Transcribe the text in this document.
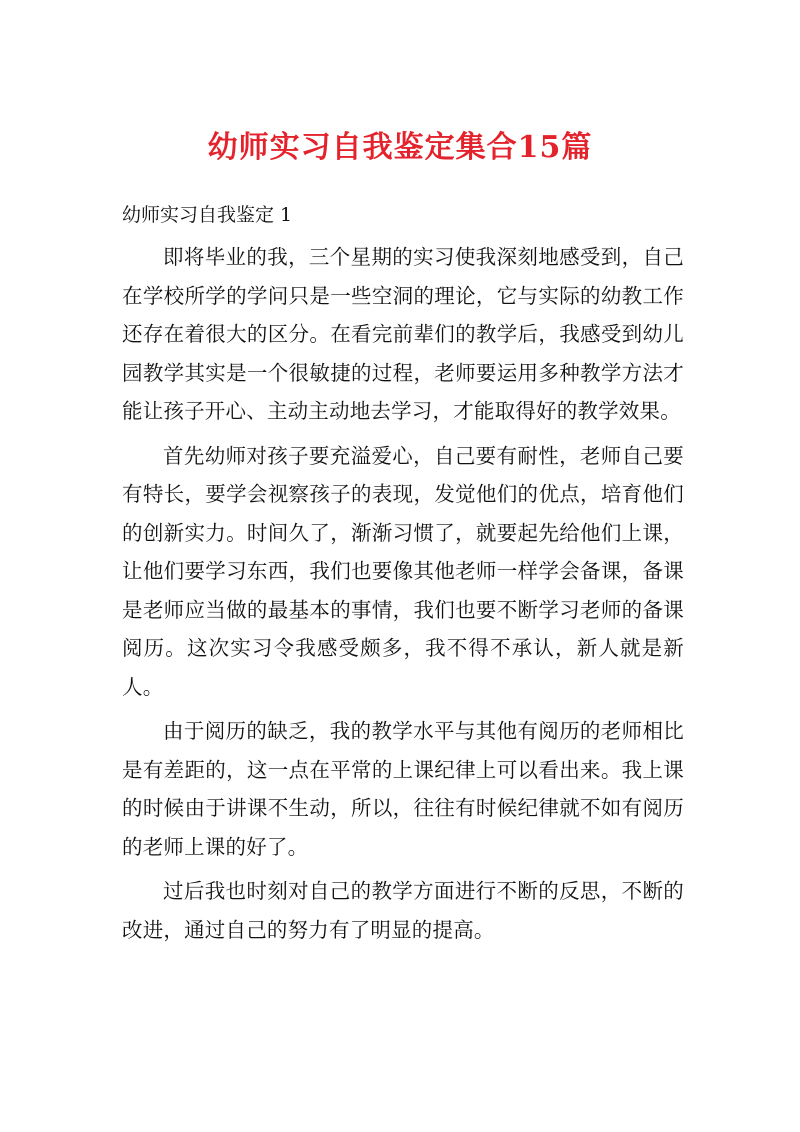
幼师实习自我鉴定集合15篇

幼师实习自我鉴定 1

即将毕业的我，三个星期的实习使我深刻地感受到，自己在学校所学的学问只是一些空洞的理论，它与实际的幼教工作还存在着很大的区分。在看完前辈们的教学后，我感受到幼儿园教学其实是一个很敏捷的过程，老师要运用多种教学方法才能让孩子开心、主动主动地去学习，才能取得好的教学效果。

首先幼师对孩子要充溢爱心，自己要有耐性，老师自己要有特长，要学会视察孩子的表现，发觉他们的优点，培育他们的创新实力。时间久了，渐渐习惯了，就要起先给他们上课，让他们要学习东西，我们也要像其他老师一样学会备课，备课是老师应当做的最基本的事情，我们也要不断学习老师的备课阅历。这次实习令我感受颇多，我不得不承认，新人就是新人。

由于阅历的缺乏，我的教学水平与其他有阅历的老师相比是有差距的，这一点在平常的上课纪律上可以看出来。我上课的时候由于讲课不生动，所以，往往有时候纪律就不如有阅历的老师上课的好了。

过后我也时刻对自己的教学方面进行不断的反思，不断的改进，通过自己的努力有了明显的提高。
